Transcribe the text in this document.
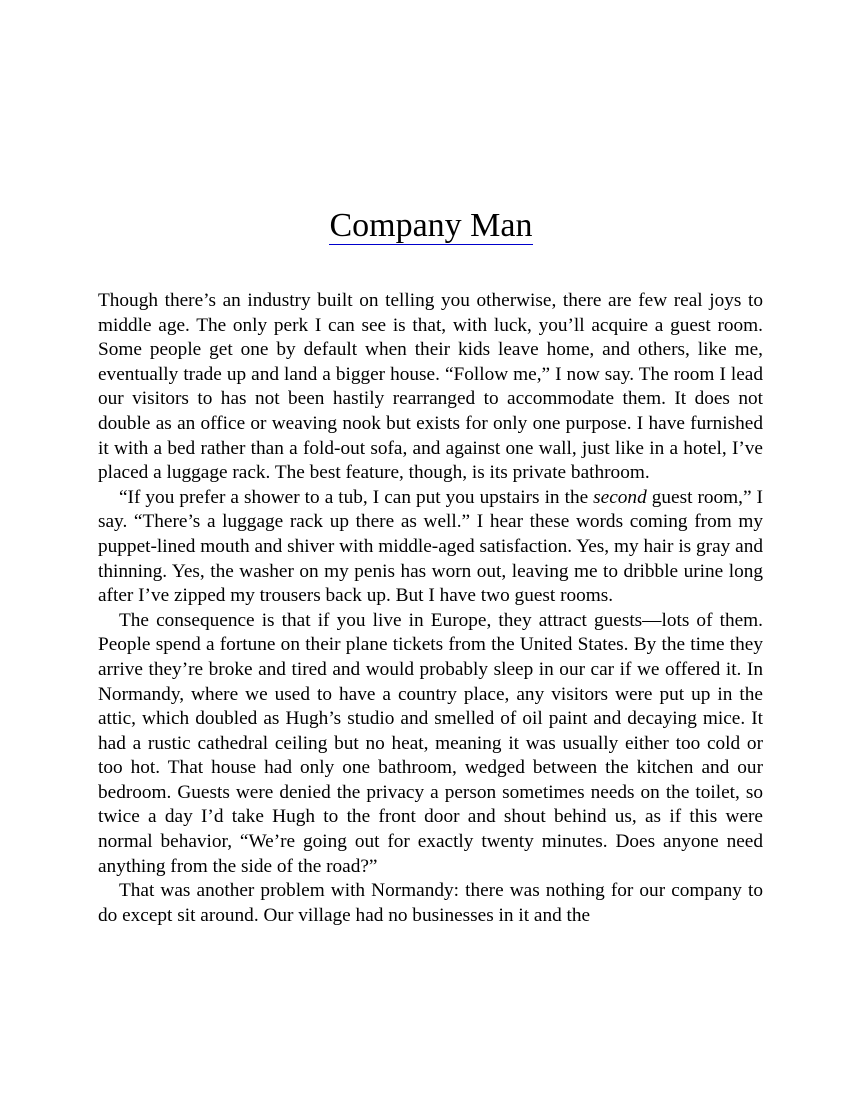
Company Man

Though there’s an industry built on telling you otherwise, there are few real joys to middle age. The only perk I can see is that, with luck, you’ll acquire a guest room. Some people get one by default when their kids leave home, and others, like me, eventually trade up and land a bigger house. “Follow me,” I now say. The room I lead our visitors to has not been hastily rearranged to accommodate them. It does not double as an office or weaving nook but exists for only one purpose. I have furnished it with a bed rather than a fold-out sofa, and against one wall, just like in a hotel, I’ve placed a luggage rack. The best feature, though, is its private bathroom.

“If you prefer a shower to a tub, I can put you upstairs in the second guest room,” I say. “There’s a luggage rack up there as well.” I hear these words coming from my puppet-lined mouth and shiver with middle-aged satisfaction. Yes, my hair is gray and thinning. Yes, the washer on my penis has worn out, leaving me to dribble urine long after I’ve zipped my trousers back up. But I have two guest rooms.

The consequence is that if you live in Europe, they attract guests—lots of them. People spend a fortune on their plane tickets from the United States. By the time they arrive they’re broke and tired and would probably sleep in our car if we offered it. In Normandy, where we used to have a country place, any visitors were put up in the attic, which doubled as Hugh’s studio and smelled of oil paint and decaying mice. It had a rustic cathedral ceiling but no heat, meaning it was usually either too cold or too hot. That house had only one bathroom, wedged between the kitchen and our bedroom. Guests were denied the privacy a person sometimes needs on the toilet, so twice a day I’d take Hugh to the front door and shout behind us, as if this were normal behavior, “We’re going out for exactly twenty minutes. Does anyone need anything from the side of the road?”

That was another problem with Normandy: there was nothing for our company to do except sit around. Our village had no businesses in it and the
